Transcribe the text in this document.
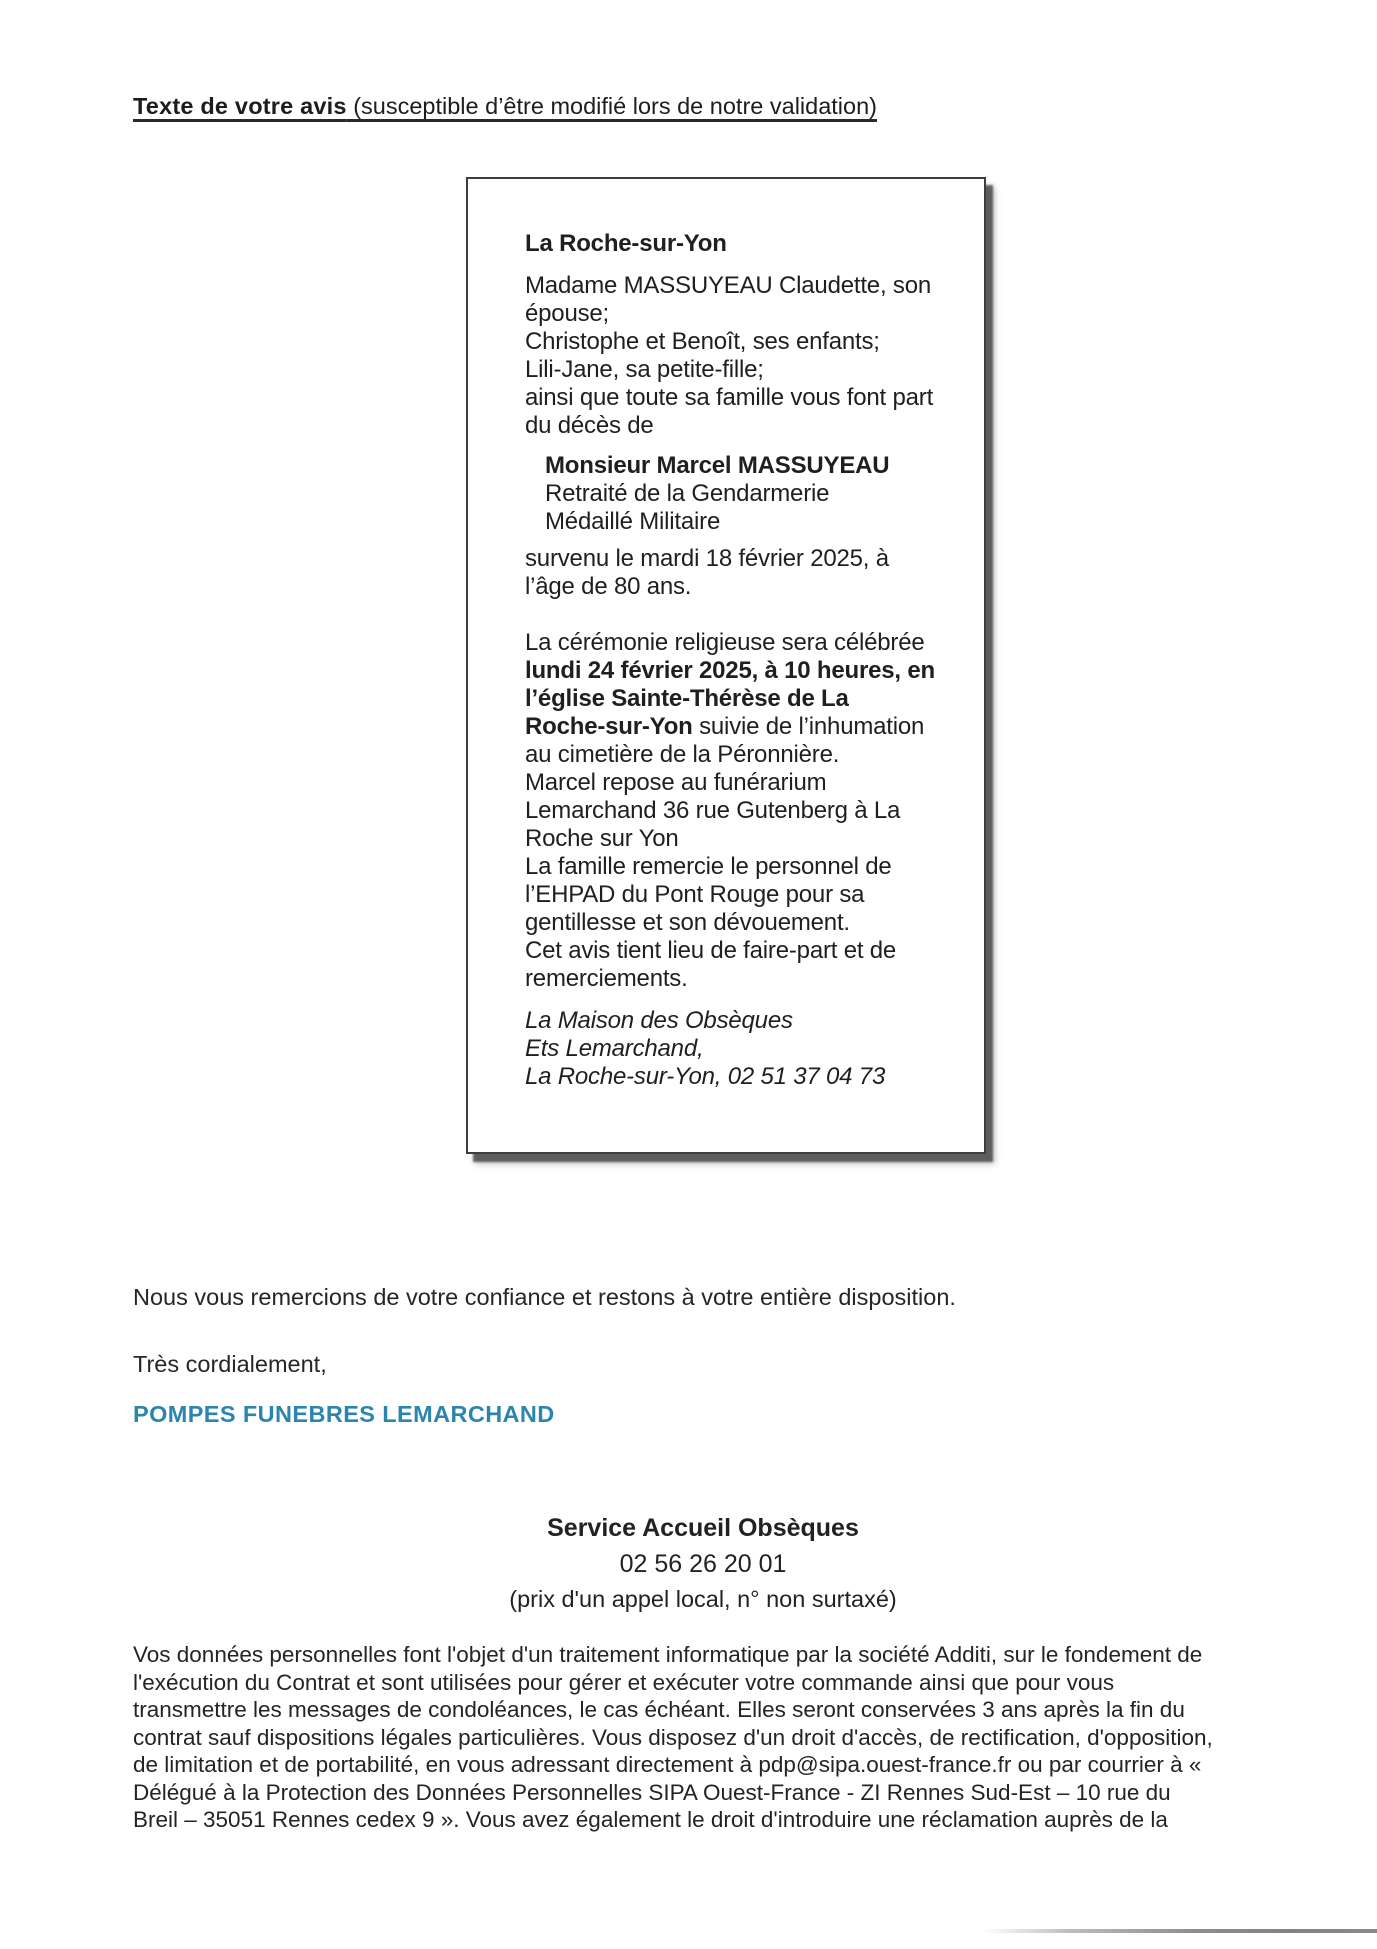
Texte de votre avis (susceptible d’être modifié lors de notre validation)
La Roche-sur-Yon
Madame MASSUYEAU Claudette, son
épouse;
Christophe et Benoît, ses enfants;
Lili-Jane, sa petite-fille;
ainsi que toute sa famille vous font part
du décès de
Monsieur Marcel MASSUYEAU
Retraité de la Gendarmerie
Médaillé Militaire
survenu le mardi 18 février 2025, à
l’âge de 80 ans.
La cérémonie religieuse sera célébrée
lundi 24 février 2025, à 10 heures, en
l’église Sainte-Thérèse de La
Roche-sur-Yon suivie de l’inhumation
au cimetière de la Péronnière.
Marcel repose au funérarium
Lemarchand 36 rue Gutenberg à La
Roche sur Yon
La famille remercie le personnel de
l’EHPAD du Pont Rouge pour sa
gentillesse et son dévouement.
Cet avis tient lieu de faire-part et de
remerciements.
La Maison des Obsèques
Ets Lemarchand,
La Roche-sur-Yon, 02 51 37 04 73
Nous vous remercions de votre confiance et restons à votre entière disposition.
Très cordialement,
POMPES FUNEBRES LEMARCHAND
Service Accueil Obsèques
02 56 26 20 01
(prix d'un appel local, n° non surtaxé)
Vos données personnelles font l'objet d'un traitement informatique par la société Additi, sur le fondement de
l'exécution du Contrat et sont utilisées pour gérer et exécuter votre commande ainsi que pour vous
transmettre les messages de condoléances, le cas échéant. Elles seront conservées 3 ans après la fin du
contrat sauf dispositions légales particulières. Vous disposez d'un droit d'accès, de rectification, d'opposition,
de limitation et de portabilité, en vous adressant directement à pdp@sipa.ouest-france.fr ou par courrier à «
Délégué à la Protection des Données Personnelles SIPA Ouest-France - ZI Rennes Sud-Est – 10 rue du
Breil – 35051 Rennes cedex 9 ». Vous avez également le droit d'introduire une réclamation auprès de la
